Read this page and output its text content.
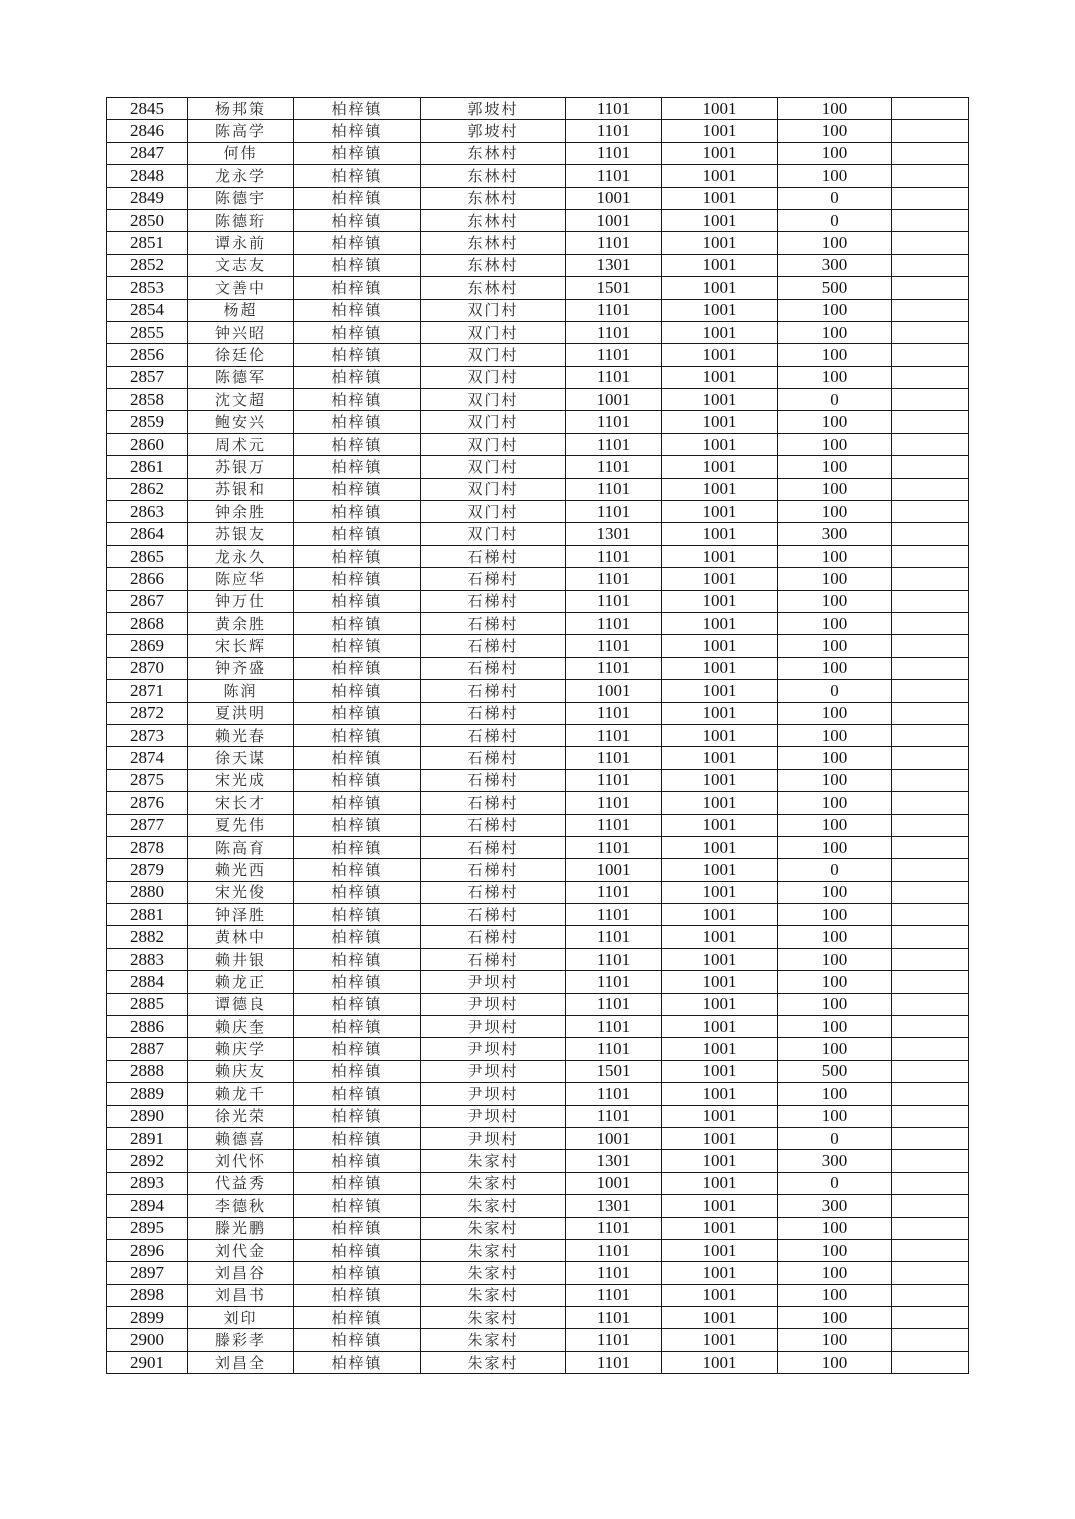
2845	杨邦策	柏梓镇	郭坡村	1101	1001	100	
2846	陈高学	柏梓镇	郭坡村	1101	1001	100	
2847	何伟	柏梓镇	东林村	1101	1001	100	
2848	龙永学	柏梓镇	东林村	1101	1001	100	
2849	陈德宇	柏梓镇	东林村	1001	1001	0	
2850	陈德珩	柏梓镇	东林村	1001	1001	0	
2851	谭永前	柏梓镇	东林村	1101	1001	100	
2852	文志友	柏梓镇	东林村	1301	1001	300	
2853	文善中	柏梓镇	东林村	1501	1001	500	
2854	杨超	柏梓镇	双门村	1101	1001	100	
2855	钟兴昭	柏梓镇	双门村	1101	1001	100	
2856	徐廷伦	柏梓镇	双门村	1101	1001	100	
2857	陈德军	柏梓镇	双门村	1101	1001	100	
2858	沈文超	柏梓镇	双门村	1001	1001	0	
2859	鲍安兴	柏梓镇	双门村	1101	1001	100	
2860	周术元	柏梓镇	双门村	1101	1001	100	
2861	苏银万	柏梓镇	双门村	1101	1001	100	
2862	苏银和	柏梓镇	双门村	1101	1001	100	
2863	钟余胜	柏梓镇	双门村	1101	1001	100	
2864	苏银友	柏梓镇	双门村	1301	1001	300	
2865	龙永久	柏梓镇	石梯村	1101	1001	100	
2866	陈应华	柏梓镇	石梯村	1101	1001	100	
2867	钟万仕	柏梓镇	石梯村	1101	1001	100	
2868	黄余胜	柏梓镇	石梯村	1101	1001	100	
2869	宋长辉	柏梓镇	石梯村	1101	1001	100	
2870	钟齐盛	柏梓镇	石梯村	1101	1001	100	
2871	陈润	柏梓镇	石梯村	1001	1001	0	
2872	夏洪明	柏梓镇	石梯村	1101	1001	100	
2873	赖光春	柏梓镇	石梯村	1101	1001	100	
2874	徐天谋	柏梓镇	石梯村	1101	1001	100	
2875	宋光成	柏梓镇	石梯村	1101	1001	100	
2876	宋长才	柏梓镇	石梯村	1101	1001	100	
2877	夏先伟	柏梓镇	石梯村	1101	1001	100	
2878	陈高育	柏梓镇	石梯村	1101	1001	100	
2879	赖光西	柏梓镇	石梯村	1001	1001	0	
2880	宋光俊	柏梓镇	石梯村	1101	1001	100	
2881	钟泽胜	柏梓镇	石梯村	1101	1001	100	
2882	黄林中	柏梓镇	石梯村	1101	1001	100	
2883	赖井银	柏梓镇	石梯村	1101	1001	100	
2884	赖龙正	柏梓镇	尹坝村	1101	1001	100	
2885	谭德良	柏梓镇	尹坝村	1101	1001	100	
2886	赖庆奎	柏梓镇	尹坝村	1101	1001	100	
2887	赖庆学	柏梓镇	尹坝村	1101	1001	100	
2888	赖庆友	柏梓镇	尹坝村	1501	1001	500	
2889	赖龙千	柏梓镇	尹坝村	1101	1001	100	
2890	徐光荣	柏梓镇	尹坝村	1101	1001	100	
2891	赖德喜	柏梓镇	尹坝村	1001	1001	0	
2892	刘代怀	柏梓镇	朱家村	1301	1001	300	
2893	代益秀	柏梓镇	朱家村	1001	1001	0	
2894	李德秋	柏梓镇	朱家村	1301	1001	300	
2895	滕光鹏	柏梓镇	朱家村	1101	1001	100	
2896	刘代金	柏梓镇	朱家村	1101	1001	100	
2897	刘昌谷	柏梓镇	朱家村	1101	1001	100	
2898	刘昌书	柏梓镇	朱家村	1101	1001	100	
2899	刘印	柏梓镇	朱家村	1101	1001	100	
2900	滕彩孝	柏梓镇	朱家村	1101	1001	100	
2901	刘昌全	柏梓镇	朱家村	1101	1001	100	
